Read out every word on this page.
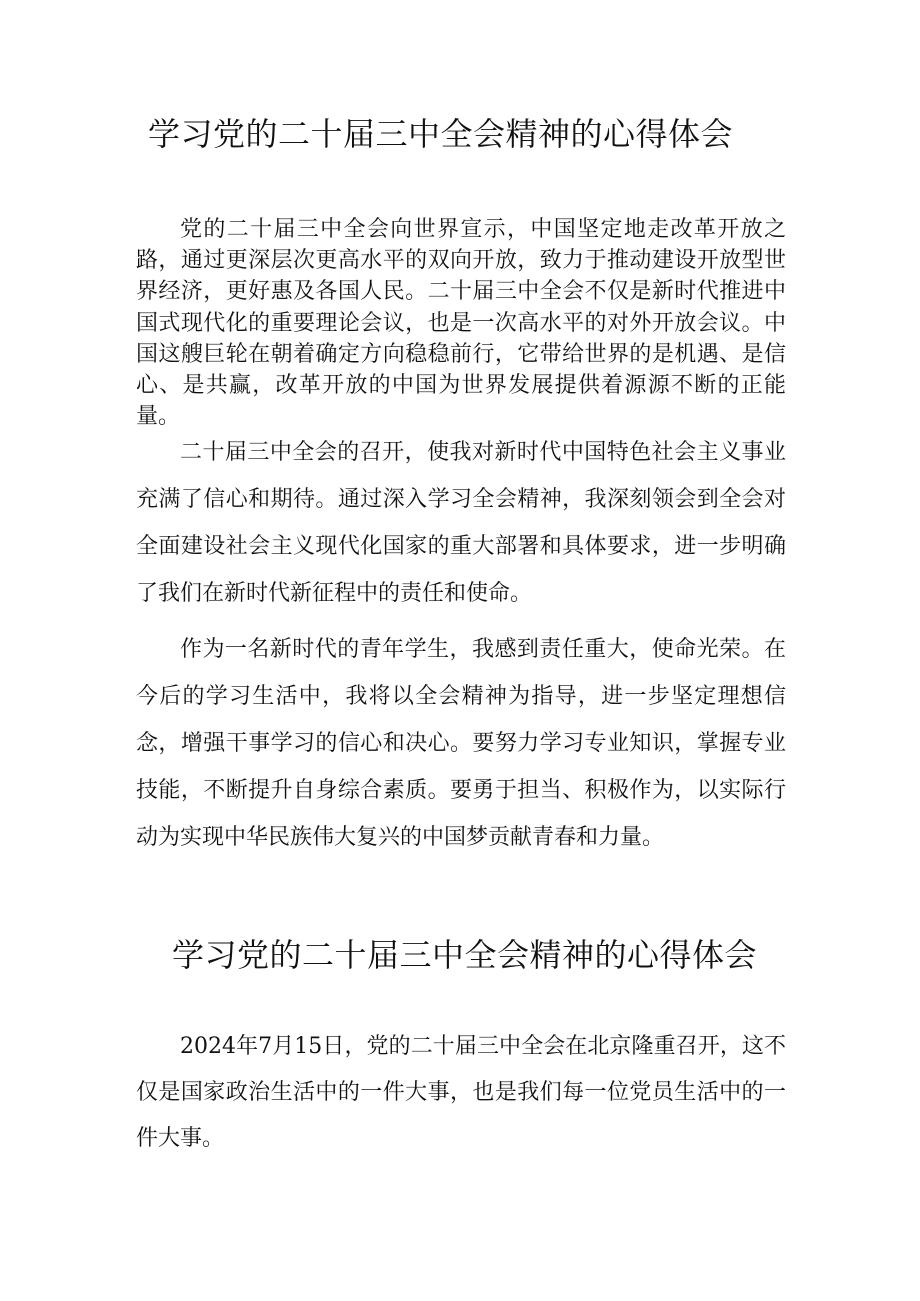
学习党的二十届三中全会精神的心得体会

党的二十届三中全会向世界宣示，中国坚定地走改革开放之路，通过更深层次更高水平的双向开放，致力于推动建设开放型世界经济，更好惠及各国人民。二十届三中全会不仅是新时代推进中国式现代化的重要理论会议，也是一次高水平的对外开放会议。中国这艘巨轮在朝着确定方向稳稳前行，它带给世界的是机遇、是信心、是共赢，改革开放的中国为世界发展提供着源源不断的正能量。

二十届三中全会的召开，使我对新时代中国特色社会主义事业充满了信心和期待。通过深入学习全会精神，我深刻领会到全会对全面建设社会主义现代化国家的重大部署和具体要求，进一步明确了我们在新时代新征程中的责任和使命。

作为一名新时代的青年学生，我感到责任重大，使命光荣。在今后的学习生活中，我将以全会精神为指导，进一步坚定理想信念，增强干事学习的信心和决心。要努力学习专业知识，掌握专业技能，不断提升自身综合素质。要勇于担当、积极作为，以实际行动为实现中华民族伟大复兴的中国梦贡献青春和力量。

学习党的二十届三中全会精神的心得体会

2024年7月15日，党的二十届三中全会在北京隆重召开，这不仅是国家政治生活中的一件大事，也是我们每一位党员生活中的一件大事。
